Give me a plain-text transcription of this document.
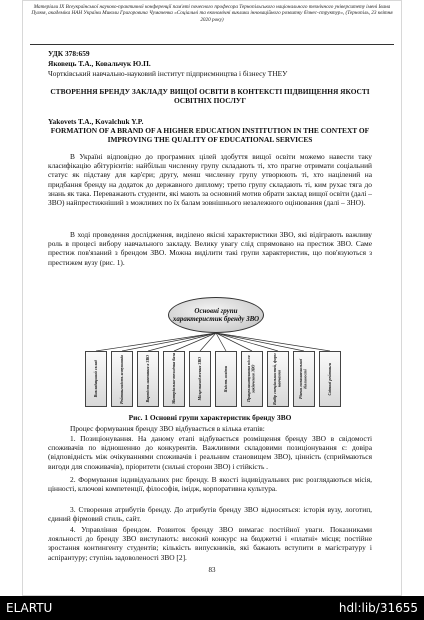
Матеріали IX Всеукраїнської науково-практичної конференції пам'яті почесного професора Тернопільського національного технічного університету імені Івана Пулюя, академіка НАН України Миколи Григоровича Чумаченка «Соціальні та економічні виклики інноваційного розвитку бізнес-структур», (Тернопіль, 23 квітня 2020 року)
УДК 378:659
Яковець Т.А., Ковальчук Ю.П.
Чортківський навчально-науковий інститут підприємництва і бізнесу ТНЕУ
СТВОРЕННЯ БРЕНДУ ЗАКЛАДУ ВИЩОЇ ОСВІТИ В КОНТЕКСТІ ПІДВИЩЕННЯ ЯКОСТІ ОСВІТНІХ ПОСЛУГ
Yakovets T.A., Kovalchuk Y.P.
FORMATION OF A BRAND OF A HIGHER EDUCATION INSTITUTION IN THE CONTEXT OF IMPROVING THE QUALITY OF EDUCATIONAL SERVICES
В Україні відповідно до програмних цілей здобуття вищої освіти можемо навести таку класифікацію абітурієнтів: найбільш численну групу складають ті, хто прагне отримати соціальний статус як підставу для кар'єри; другу, менш численну групу утворюють ті, хто націлений на придбання бренду на додаток до державного диплому; третю групу складають ті, ким рухає тяга до знань як така. Переважають студенти, які мають за основний мотив обрати заклад вищої освіти (далі – ЗВО) найпрестижніший з можливих по їх балам зовнішнього незалежного оцінювання (далі – ЗНО).
В ході проведення дослідження, виділено якісні характеристики ЗВО, які відіграють важливу роль в процесі вибору навчального закладу. Велику увагу слід спрямовано на престиж ЗВО. Саме престиж пов'язаний з брендом ЗВО. Можна виділити такі групи характеристик, що пов'язуються з престижем вузу (рис. 1).
Основні групи характеристик бренду ЗВО
Викладацький склад	Рейтинговість вступників	Вартість навчання в ЗВО	Матеріально-технічна база	Місцезнаходження ЗВО	Якість освіти	Працевлаштування після закінчення ЗВО	Вибір спеціальностей, форм навчання	Рівень позанавчальної діяльності	Світові рейтинги
Рис. 1 Основні групи характеристик бренду ЗВО
Процес формування бренду ЗВО відбувається в кілька етапів:
1. Позиціонування. На даному етапі відбувається розміщення бренду ЗВО в свідомості споживачів по відношенню до конкурентів. Важливими складовими позиціонування є: довіра (відповідність між очікуваннями споживачів і реальним становищем ЗВО), цінність (сприймаються вигоди для споживачів), пріоритети (сильні сторони ЗВО) і стійкість .
2. Формування індивідуальних рис бренду. В якості індивідуальних рис розглядаються місія, цінності, ключові компетенції, філософія, імідж, корпоративна культура.
3. Створення атрибутів бренду. До атрибутів бренду ЗВО відносяться: історія вузу, логотип, єдиний фірмовий стиль, сайт.
4. Управління брендом. Розвиток бренду ЗВО вимагає постійної уваги. Показниками лояльності до бренду ЗВО виступають: високий конкурс на бюджетні і «платні» місця; постійне зростання контингенту студентів; кількість випускників, які бажають вступити в магістратуру і аспірантуру; ступінь задоволеності ЗВО [2].
83
ELARTU	hdl:lib/31655
